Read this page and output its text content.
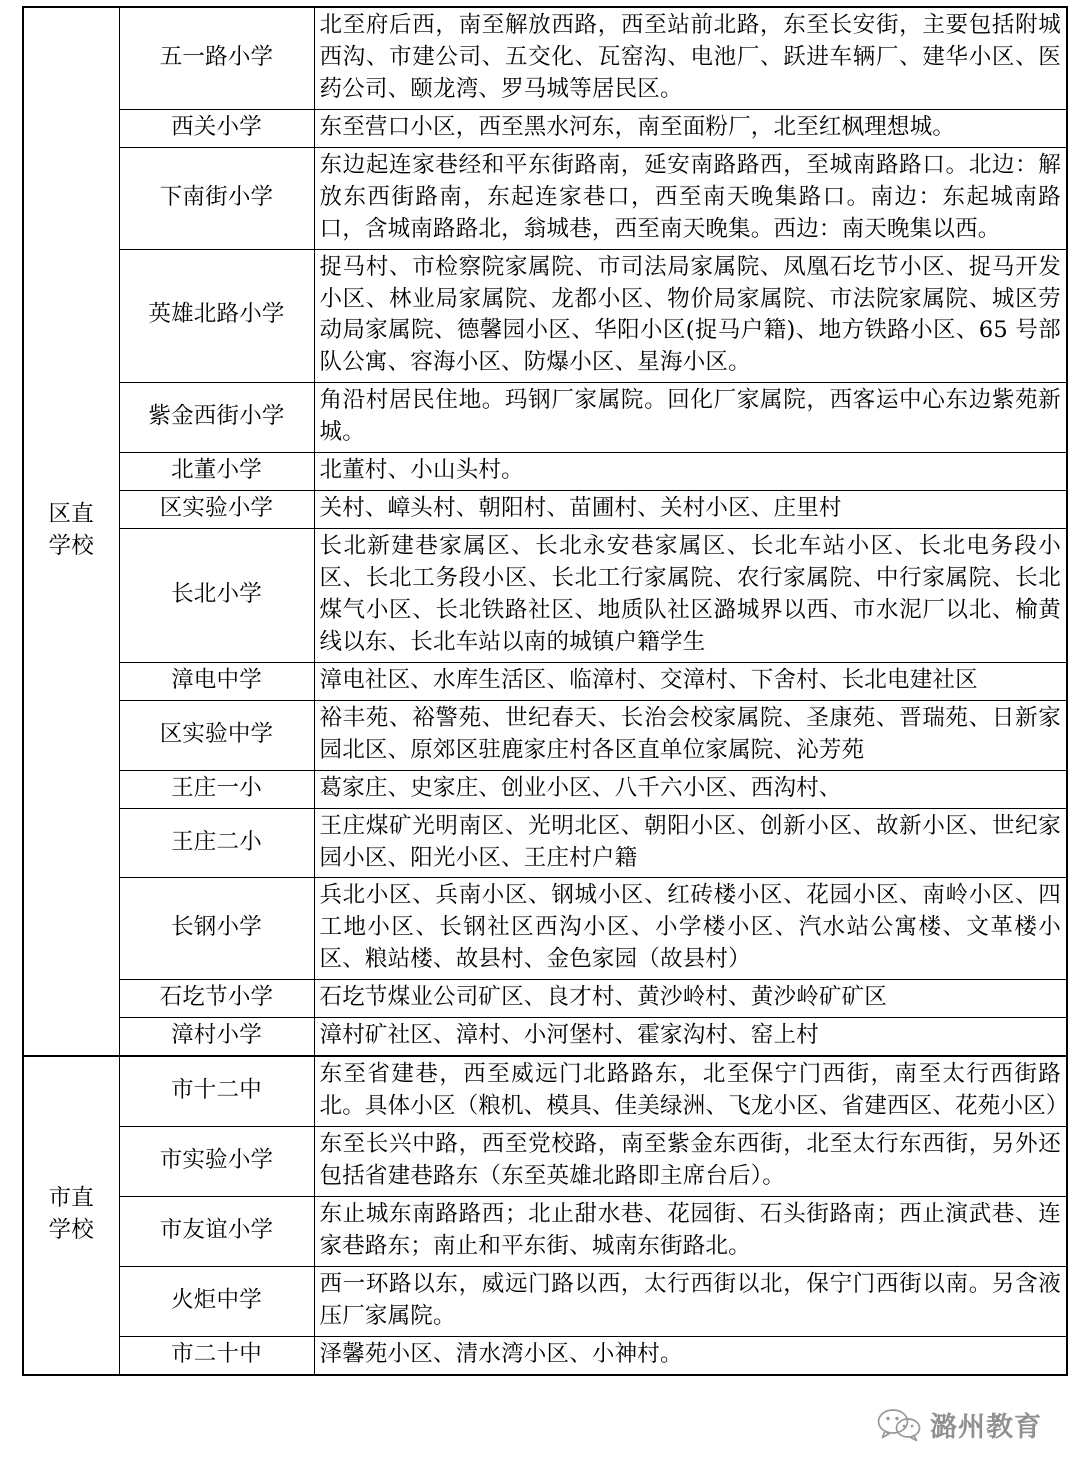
区直
学校	五一路小学	北至府后西，南至解放西路，西至站前北路，东至长安街，主要包括附城西沟、市建公司、五交化、瓦窑沟、电池厂、跃进车辆厂、建华小区、医药公司、颐龙湾、罗马城等居民区。
	西关小学	东至营口小区，西至黑水河东，南至面粉厂，北至红枫理想城。
	下南街小学	东边起连家巷经和平东街路南，延安南路路西，至城南路路口。北边：解放东西街路南，东起连家巷口，西至南天晚集路口。南边：东起城南路口，含城南路路北，翁城巷，西至南天晚集。西边：南天晚集以西。
	英雄北路小学	捉马村、市检察院家属院、市司法局家属院、凤凰石圪节小区、捉马开发小区、林业局家属院、龙都小区、物价局家属院、市法院家属院、城区劳动局家属院、德馨园小区、华阳小区(捉马户籍)、地方铁路小区、65 号部队公寓、容海小区、防爆小区、星海小区。
	紫金西街小学	角沿村居民住地。玛钢厂家属院。回化厂家属院，西客运中心东边紫苑新城。
	北董小学	北董村、小山头村。
	区实验小学	关村、嶂头村、朝阳村、苗圃村、关村小区、庄里村
	长北小学	长北新建巷家属区、长北永安巷家属区、长北车站小区、长北电务段小区、长北工务段小区、长北工行家属院、农行家属院、中行家属院、长北煤气小区、长北铁路社区、地质队社区潞城界以西、市水泥厂以北、榆黄线以东、长北车站以南的城镇户籍学生
	漳电中学	漳电社区、水库生活区、临漳村、交漳村、下舍村、长北电建社区
	区实验中学	裕丰苑、裕警苑、世纪春天、长治会校家属院、圣康苑、晋瑞苑、日新家园北区、原郊区驻鹿家庄村各区直单位家属院、沁芳苑
	王庄一小	葛家庄、史家庄、创业小区、八千六小区、西沟村、
	王庄二小	王庄煤矿光明南区、光明北区、朝阳小区、创新小区、故新小区、世纪家园小区、阳光小区、王庄村户籍
	长钢小学	兵北小区、兵南小区、钢城小区、红砖楼小区、花园小区、南岭小区、四工地小区、长钢社区西沟小区、小学楼小区、汽水站公寓楼、文革楼小区、粮站楼、故县村、金色家园（故县村）
	石圪节小学	石圪节煤业公司矿区、良才村、黄沙岭村、黄沙岭矿矿区
	漳村小学	漳村矿社区、漳村、小河堡村、霍家沟村、窑上村

市直
学校	市十二中	东至省建巷，西至威远门北路路东，北至保宁门西街，南至太行西街路北。具体小区（粮机、模具、佳美绿洲、飞龙小区、省建西区、花苑小区）
	市实验小学	东至长兴中路，西至党校路，南至紫金东西街，北至太行东西街，另外还包括省建巷路东（东至英雄北路即主席台后）。
	市友谊小学	东止城东南路路西；北止甜水巷、花园街、石头街路南；西止演武巷、连家巷路东；南止和平东街、城南东街路北。
	火炬中学	西一环路以东，威远门路以西，太行西街以北，保宁门西街以南。另含液压厂家属院。
	市二十中	泽馨苑小区、清水湾小区、小神村。
潞州教育
